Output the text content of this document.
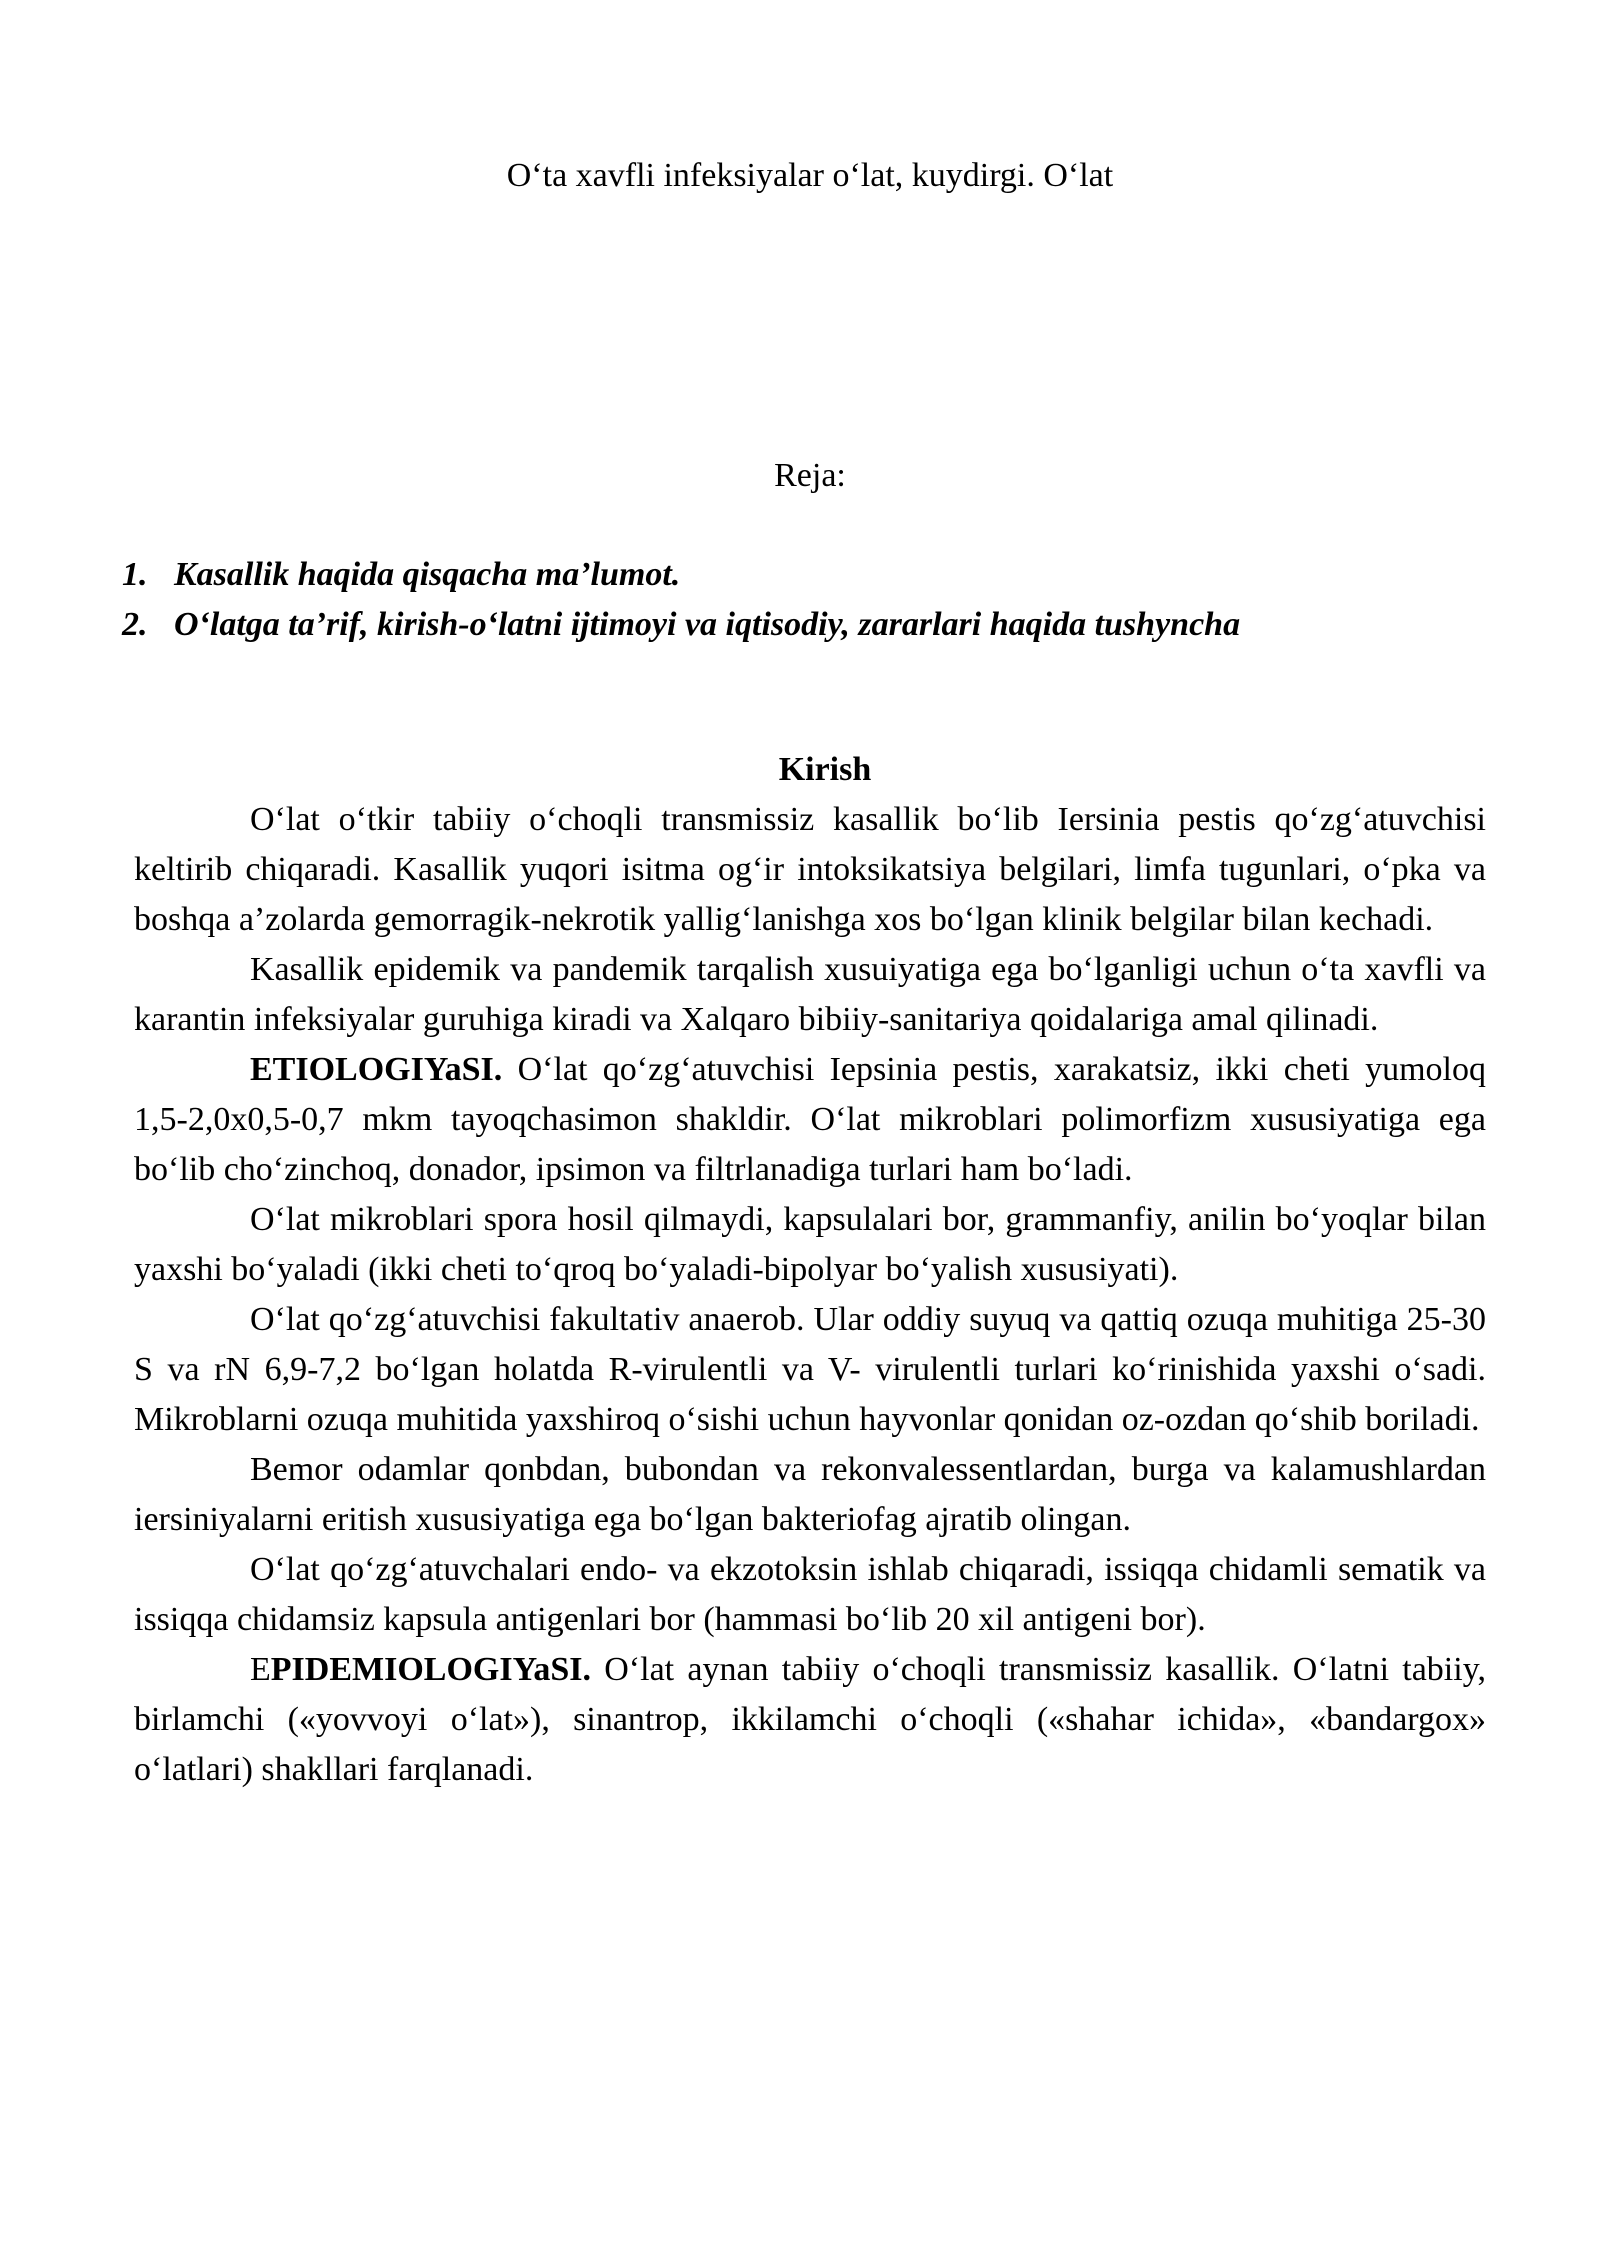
O‘ta xavfli infeksiyalar o‘lat, kuydirgi. O‘lat
Reja:
1. Kasallik haqida qisqacha ma’lumot.
2. O‘latga ta’rif, kirish-o‘latni ijtimoyi va iqtisodiy, zararlari haqida tushyncha
Kirish

O‘lat o‘tkir tabiiy o‘choqli transmissiz kasallik bo‘lib Iersinia pestis qo‘zg‘atuvchisi keltirib chiqaradi. Kasallik yuqori isitma og‘ir intoksikatsiya belgilari, limfa tugunlari, o‘pka va boshqa a’zolarda gemorragik-nekrotik yallig‘lanishga xos bo‘lgan klinik belgilar bilan kechadi.

Kasallik epidemik va pandemik tarqalish xusuiyatiga ega bo‘lganligi uchun o‘ta xavfli va karantin infeksiyalar guruhiga kiradi va Xalqaro bibiiy-sanitariya qoidalariga amal qilinadi.

ETIOLOGIYaSI. O‘lat qo‘zg‘atuvchisi Iepsinia pestis, xarakatsiz, ikki cheti yumoloq 1,5-2,0x0,5-0,7 mkm tayoqchasimon shakldir. O‘lat mikroblari polimorfizm xususiyatiga ega bo‘lib cho‘zinchoq, donador, ipsimon va filtrlanadiga turlari ham bo‘ladi.

O‘lat mikroblari spora hosil qilmaydi, kapsulalari bor, grammanfiy, anilin bo‘yoqlar bilan yaxshi bo‘yaladi (ikki cheti to‘qroq bo‘yaladi-bipolyar bo‘yalish xususiyati).

O‘lat qo‘zg‘atuvchisi fakultativ anaerob. Ular oddiy suyuq va qattiq ozuqa muhitiga 25-30 S va rN 6,9-7,2 bo‘lgan holatda R-virulentli va V- virulentli turlari ko‘rinishida yaxshi o‘sadi. Mikroblarni ozuqa muhitida yaxshiroq o‘sishi uchun hayvonlar qonidan oz-ozdan qo‘shib boriladi.

Bemor odamlar qonbdan, bubondan va rekonvalessentlardan, burga va kalamushlardan iersiniyalarni eritish xususiyatiga ega bo‘lgan bakteriofag ajratib olingan.

O‘lat qo‘zg‘atuvchalari endo- va ekzotoksin ishlab chiqaradi, issiqqa chidamli sematik va issiqqa chidamsiz kapsula antigenlari bor (hammasi bo‘lib 20 xil antigeni bor).

EPIDEMIOLOGIYaSI. O‘lat aynan tabiiy o‘choqli transmissiz kasallik. O‘latni tabiiy, birlamchi («yovvoyi o‘lat»), sinantrop, ikkilamchi o‘choqli («shahar ichida», «bandargox» o‘latlari) shakllari farqlanadi.
